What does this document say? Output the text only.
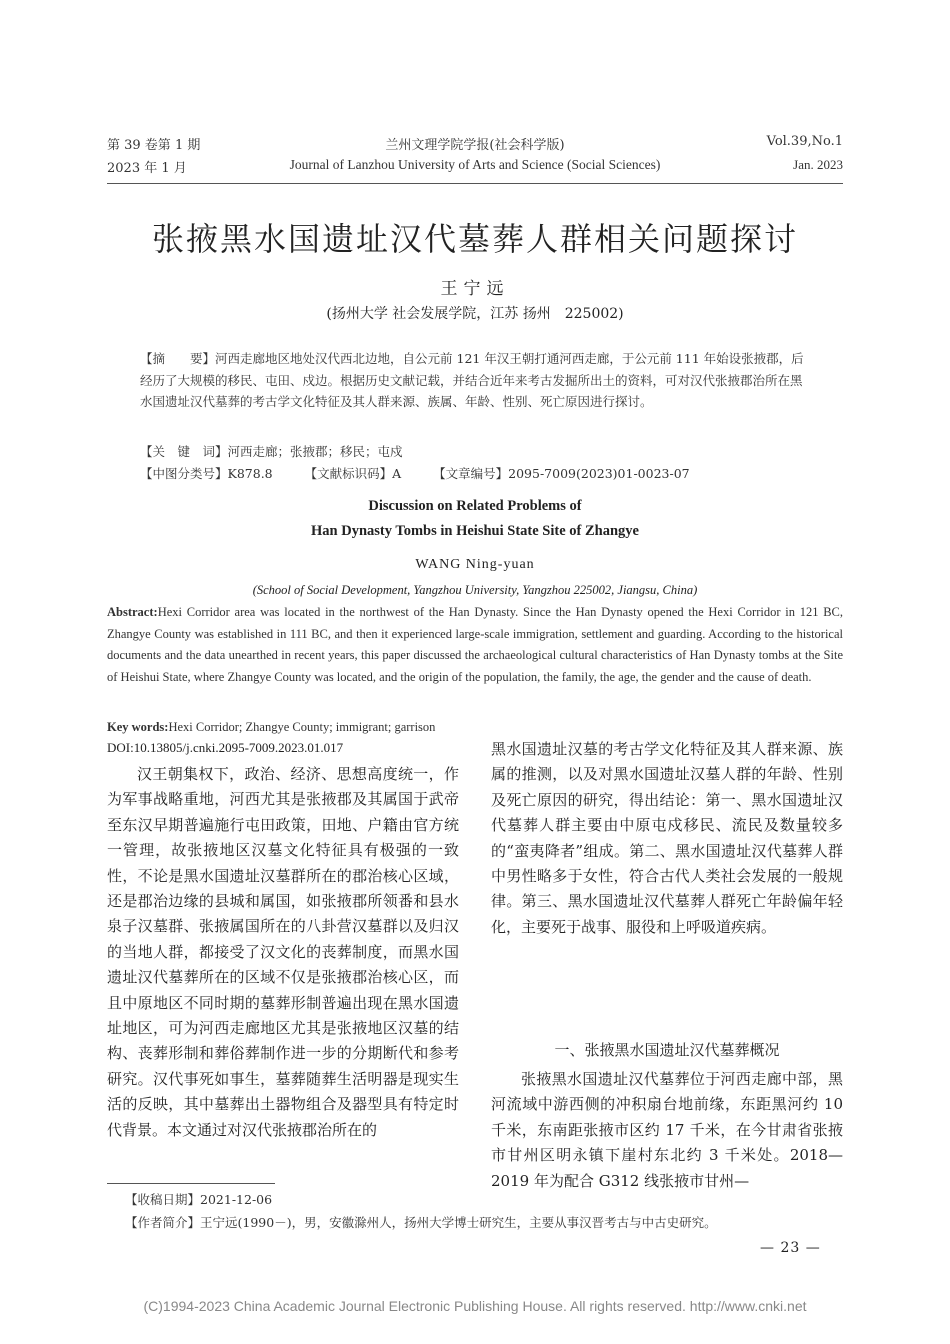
第 39 卷第 1 期	兰州文理学院学报(社会科学版)	Vol.39,No.1
2023 年 1 月	Journal of Lanzhou University of Arts and Science (Social Sciences)	Jan. 2023
张掖黑水国遗址汉代墓葬人群相关问题探讨
王宁远
(扬州大学 社会发展学院，江苏 扬州　225002)
【摘　　要】河西走廊地区地处汉代西北边地，自公元前 121 年汉王朝打通河西走廊，于公元前 111 年始设张掖郡，后经历了大规模的移民、屯田、戍边。根据历史文献记载，并结合近年来考古发掘所出土的资料，可对汉代张掖郡治所在黑水国遗址汉代墓葬的考古学文化特征及其人群来源、族属、年龄、性别、死亡原因进行探讨。
【关　键　词】河西走廊；张掖郡；移民；屯戍
【中图分类号】K878.8	【文献标识码】A	【文章编号】2095-7009(2023)01-0023-07
Discussion on Related Problems of
Han Dynasty Tombs in Heishui State Site of Zhangye
WANG Ning-yuan
(School of Social Development, Yangzhou University, Yangzhou 225002, Jiangsu, China)
Abstract:Hexi Corridor area was located in the northwest of the Han Dynasty. Since the Han Dynasty opened the Hexi Corridor in 121 BC, Zhangye County was established in 111 BC, and then it experienced large-scale immigration, settlement and guarding. According to the historical documents and the data unearthed in recent years, this paper discussed the archaeological cultural characteristics of Han Dynasty tombs at the Site of Heishui State, where Zhangye County was located, and the origin of the population, the family, the age, the gender and the cause of death.
Key words:Hexi Corridor; Zhangye County; immigrant; garrison
DOI:10.13805/j.cnki.2095-7009.2023.01.017
汉王朝集权下，政治、经济、思想高度统一，作为军事战略重地，河西尤其是张掖郡及其属国于武帝至东汉早期普遍施行屯田政策，田地、户籍由官方统一管理，故张掖地区汉墓文化特征具有极强的一致性，不论是黑水国遗址汉墓群所在的郡治核心区域，还是郡治边缘的县城和属国，如张掖郡所领番和县水泉子汉墓群、张掖属国所在的八卦营汉墓群以及归汉的当地人群，都接受了汉文化的丧葬制度，而黑水国遗址汉代墓葬所在的区域不仅是张掖郡治核心区，而且中原地区不同时期的墓葬形制普遍出现在黑水国遗址地区，可为河西走廊地区尤其是张掖地区汉墓的结构、丧葬形制和葬俗葬制作进一步的分期断代和参考研究。汉代事死如事生，墓葬随葬生活明器是现实生活的反映，其中墓葬出土器物组合及器型具有特定时代背景。本文通过对汉代张掖郡治所在的
黑水国遗址汉墓的考古学文化特征及其人群来源、族属的推测，以及对黑水国遗址汉墓人群的年龄、性别及死亡原因的研究，得出结论：第一、黑水国遗址汉代墓葬人群主要由中原屯戍移民、流民及数量较多的“蛮夷降者”组成。第二、黑水国遗址汉代墓葬人群中男性略多于女性，符合古代人类社会发展的一般规律。第三、黑水国遗址汉代墓葬人群死亡年龄偏年轻化，主要死于战事、服役和上呼吸道疾病。
一、张掖黑水国遗址汉代墓葬概况
张掖黑水国遗址汉代墓葬位于河西走廊中部，黑河流域中游西侧的冲积扇台地前缘，东距黑河约 10 千米，东南距张掖市区约 17 千米，在今甘肃省张掖市甘州区明永镇下崖村东北约 3 千米处。2018—2019 年为配合 G312 线张掖市甘州—
【收稿日期】2021-12-06
【作者简介】王宁远(1990－)，男，安徽滁州人，扬州大学博士研究生，主要从事汉晋考古与中古史研究。
— 23 —
(C)1994-2023 China Academic Journal Electronic Publishing House. All rights reserved. http://www.cnki.net
